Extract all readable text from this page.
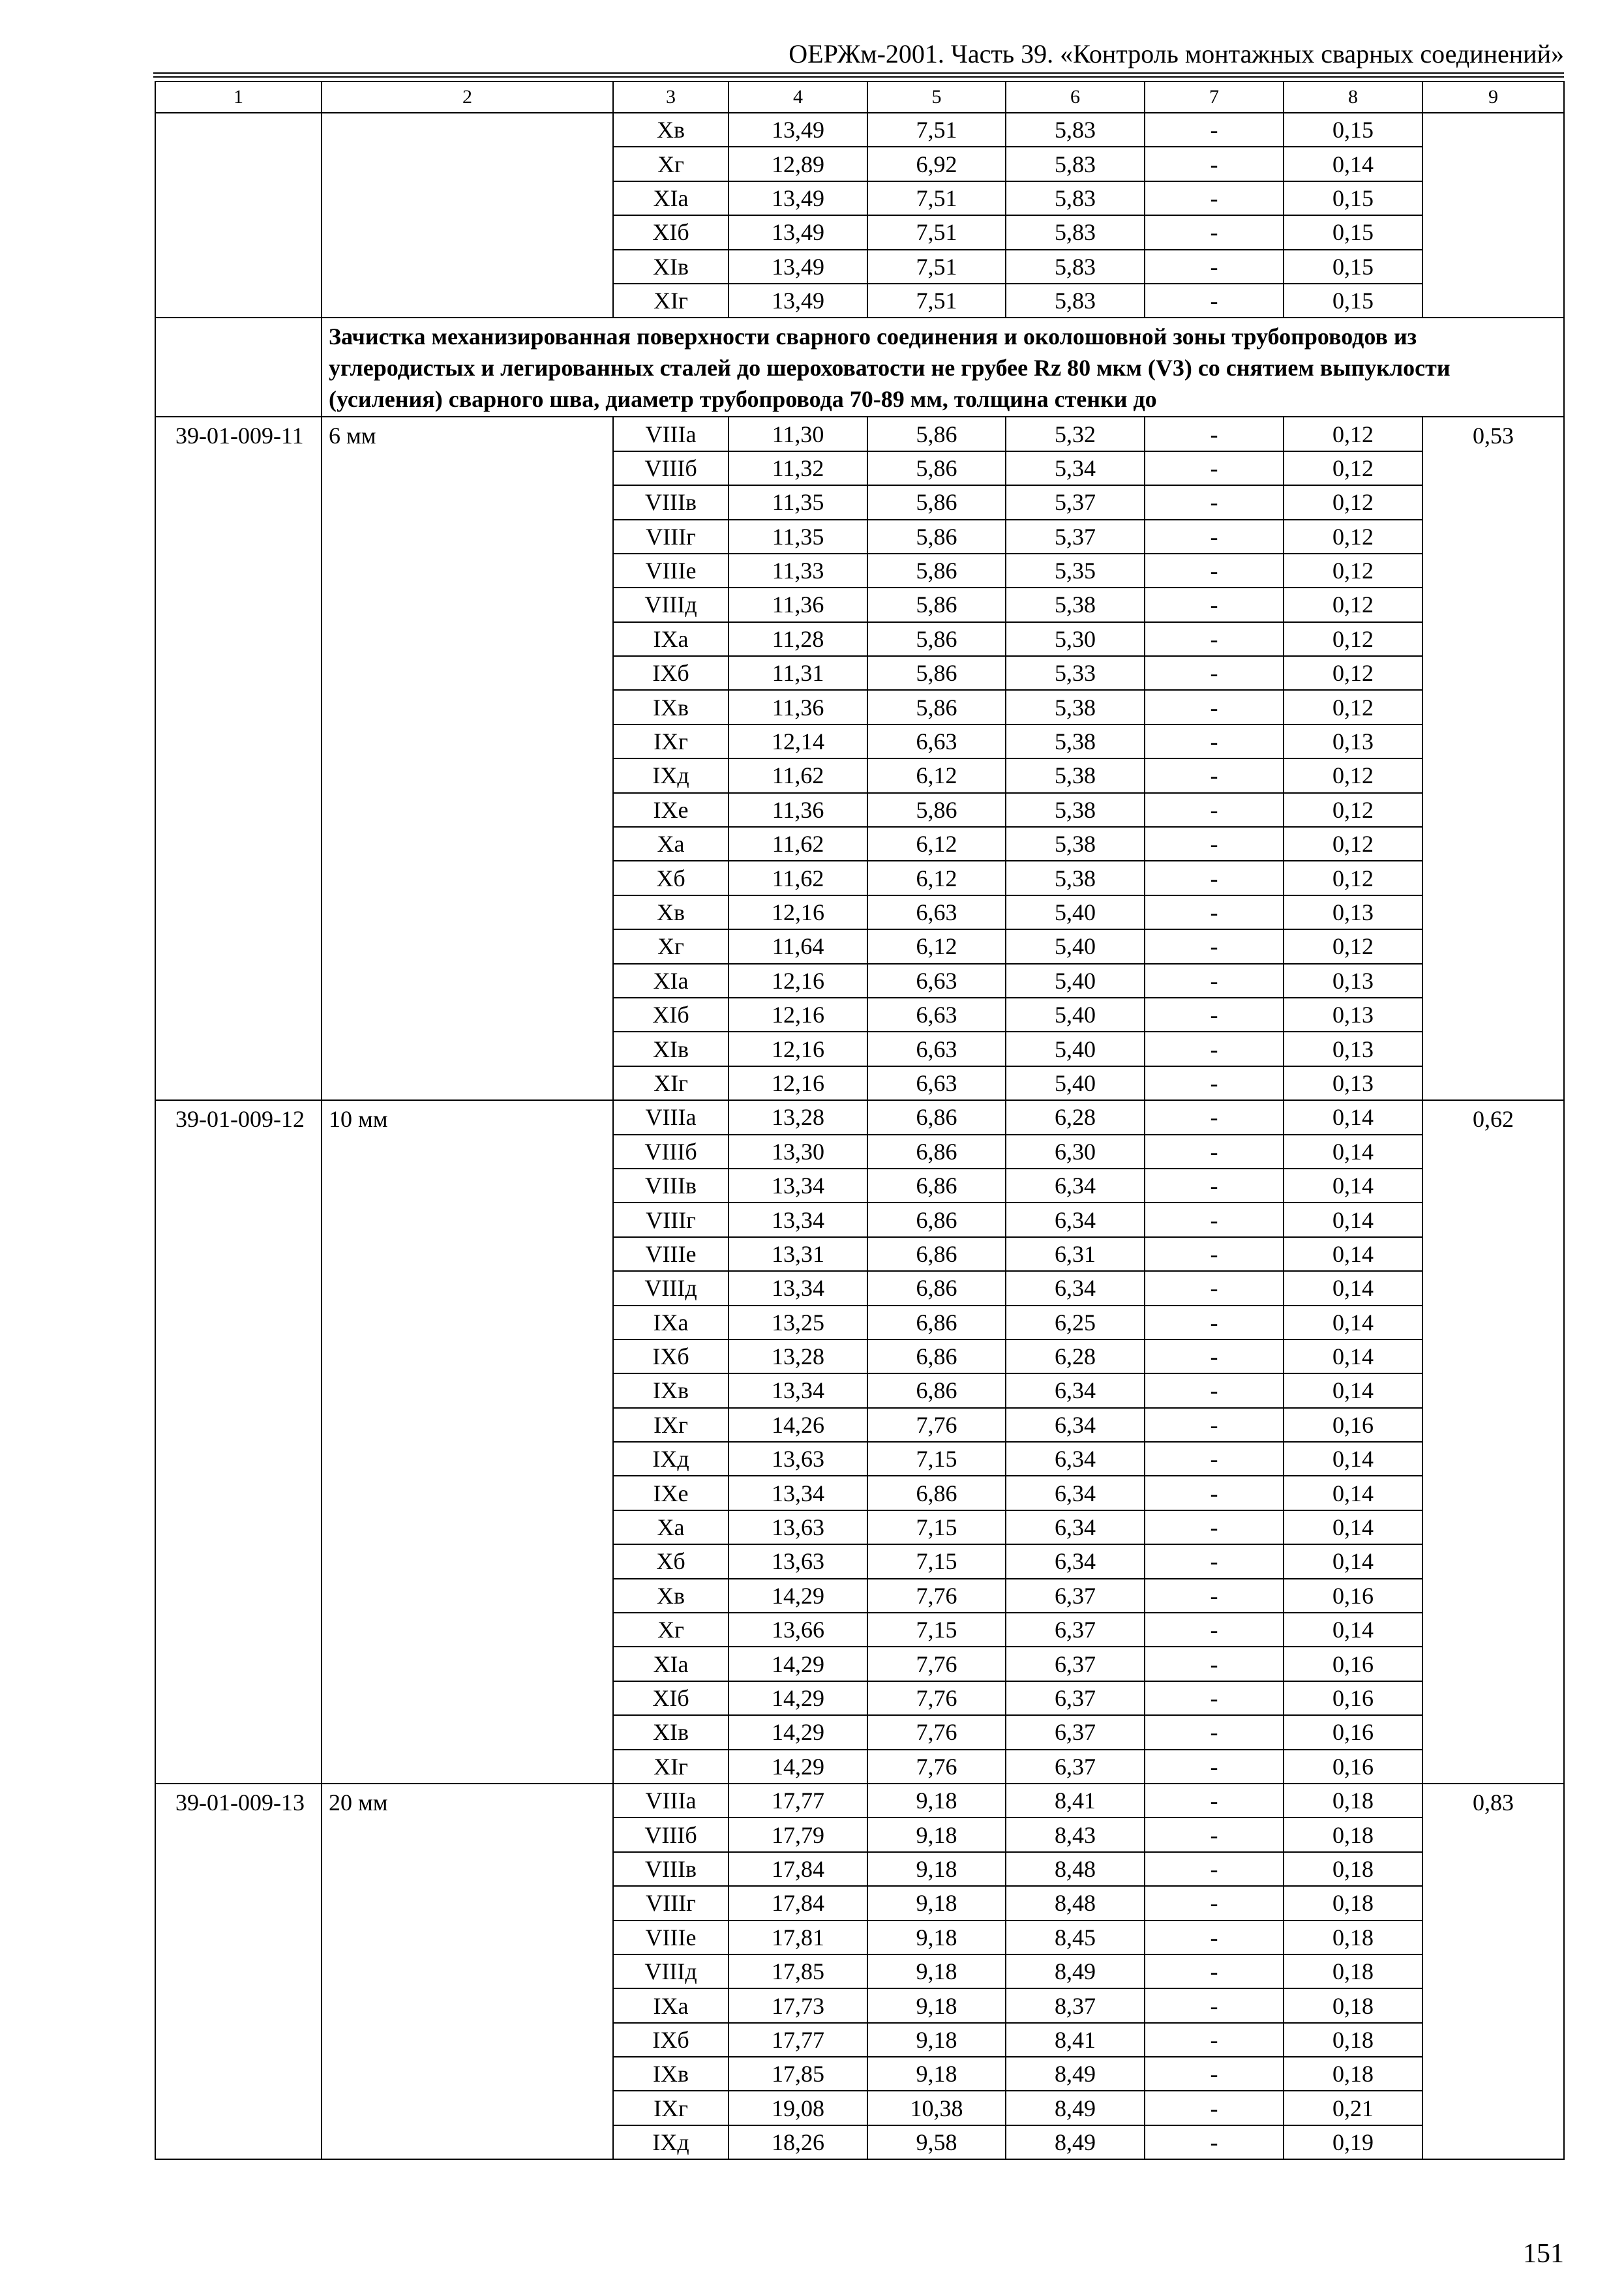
ОЕРЖм-2001. Часть 39. «Контроль монтажных сварных соединений»
1	2	3	4	5	6	7	8	9
		Хв	13,49	7,51	5,83	-	0,15	
		Хг	12,89	6,92	5,83	-	0,14	
		ХIа	13,49	7,51	5,83	-	0,15	
		ХIб	13,49	7,51	5,83	-	0,15	
		ХIв	13,49	7,51	5,83	-	0,15	
		ХIг	13,49	7,51	5,83	-	0,15	
	Зачистка механизированная поверхности сварного соединения и околошовной зоны трубопроводов из углеродистых и легированных сталей до шероховатости не грубее Rz 80 мкм (V3) со снятием выпуклости (усиления) сварного шва, диаметр трубопровода 70-89 мм, толщина стенки до							
39-01-009-11	6 мм	VIIIа	11,30	5,86	5,32	-	0,12	0,53
		VIIIб	11,32	5,86	5,34	-	0,12	
		VIIIв	11,35	5,86	5,37	-	0,12	
		VIIIг	11,35	5,86	5,37	-	0,12	
		VIIIе	11,33	5,86	5,35	-	0,12	
		VIIIд	11,36	5,86	5,38	-	0,12	
		IХа	11,28	5,86	5,30	-	0,12	
		IХб	11,31	5,86	5,33	-	0,12	
		IХв	11,36	5,86	5,38	-	0,12	
		IХг	12,14	6,63	5,38	-	0,13	
		IХд	11,62	6,12	5,38	-	0,12	
		IХе	11,36	5,86	5,38	-	0,12	
		Ха	11,62	6,12	5,38	-	0,12	
		Хб	11,62	6,12	5,38	-	0,12	
		Хв	12,16	6,63	5,40	-	0,13	
		Хг	11,64	6,12	5,40	-	0,12	
		ХIа	12,16	6,63	5,40	-	0,13	
		ХIб	12,16	6,63	5,40	-	0,13	
		ХIв	12,16	6,63	5,40	-	0,13	
		ХIг	12,16	6,63	5,40	-	0,13	
39-01-009-12	10 мм	VIIIа	13,28	6,86	6,28	-	0,14	0,62
		VIIIб	13,30	6,86	6,30	-	0,14	
		VIIIв	13,34	6,86	6,34	-	0,14	
		VIIIг	13,34	6,86	6,34	-	0,14	
		VIIIе	13,31	6,86	6,31	-	0,14	
		VIIIд	13,34	6,86	6,34	-	0,14	
		IХа	13,25	6,86	6,25	-	0,14	
		IХб	13,28	6,86	6,28	-	0,14	
		IХв	13,34	6,86	6,34	-	0,14	
		IХг	14,26	7,76	6,34	-	0,16	
		IХд	13,63	7,15	6,34	-	0,14	
		IХе	13,34	6,86	6,34	-	0,14	
		Ха	13,63	7,15	6,34	-	0,14	
		Хб	13,63	7,15	6,34	-	0,14	
		Хв	14,29	7,76	6,37	-	0,16	
		Хг	13,66	7,15	6,37	-	0,14	
		ХIа	14,29	7,76	6,37	-	0,16	
		ХIб	14,29	7,76	6,37	-	0,16	
		ХIв	14,29	7,76	6,37	-	0,16	
		ХIг	14,29	7,76	6,37	-	0,16	
39-01-009-13	20 мм	VIIIа	17,77	9,18	8,41	-	0,18	0,83
		VIIIб	17,79	9,18	8,43	-	0,18	
		VIIIв	17,84	9,18	8,48	-	0,18	
		VIIIг	17,84	9,18	8,48	-	0,18	
		VIIIе	17,81	9,18	8,45	-	0,18	
		VIIIд	17,85	9,18	8,49	-	0,18	
		IХа	17,73	9,18	8,37	-	0,18	
		IХб	17,77	9,18	8,41	-	0,18	
		IХв	17,85	9,18	8,49	-	0,18	
		IХг	19,08	10,38	8,49	-	0,21	
		IХд	18,26	9,58	8,49	-	0,19	
151
